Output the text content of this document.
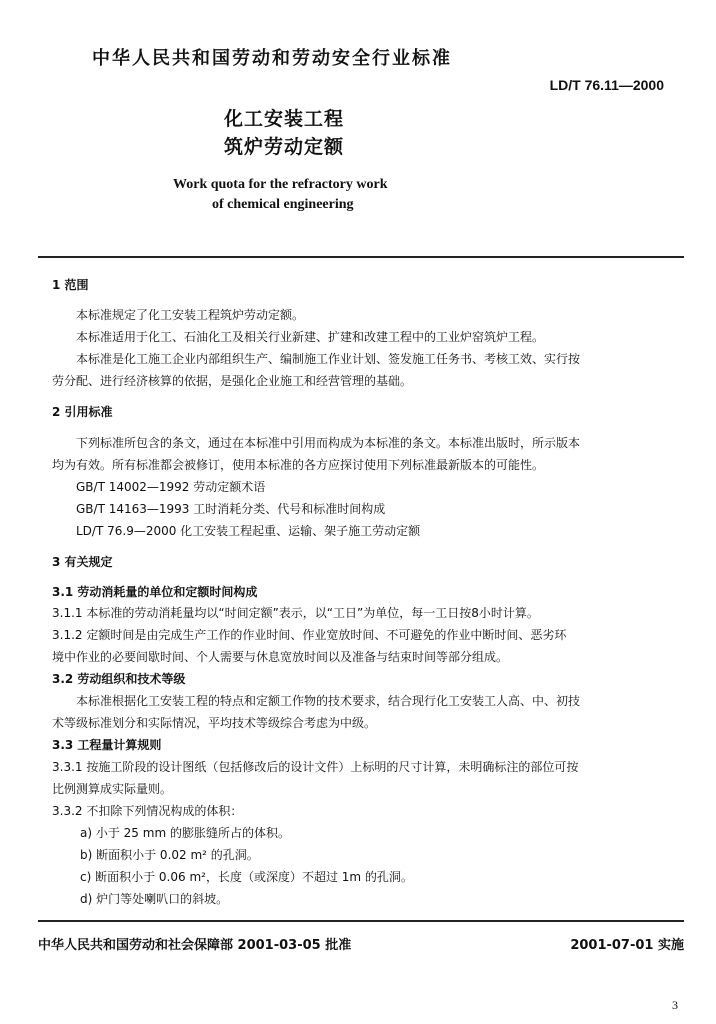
中华人民共和国劳动和劳动安全行业标准
LD/T 76.11—2000
化工安装工程
筑炉劳动定额
Work quota for the refractory work
of chemical engineering
1 范围
本标准规定了化工安装工程筑炉劳动定额。
本标准适用于化工、石油化工及相关行业新建、扩建和改建工程中的工业炉窑筑炉工程。
本标准是化工施工企业内部组织生产、编制施工作业计划、签发施工任务书、考核工效、实行按
劳分配、进行经济核算的依据，是强化企业施工和经营管理的基础。
2 引用标准
下列标准所包含的条文，通过在本标准中引用而构成为本标准的条文。本标准出版时，所示版本
均为有效。所有标准都会被修订，使用本标准的各方应探讨使用下列标准最新版本的可能性。
GB/T 14002—1992 劳动定额术语
GB/T 14163—1993 工时消耗分类、代号和标准时间构成
LD/T 76.9—2000 化工安装工程起重、运输、架子施工劳动定额
3 有关规定
3.1 劳动消耗量的单位和定额时间构成
3.1.1 本标准的劳动消耗量均以“时间定额”表示，以“工日”为单位，每一工日按8小时计算。
3.1.2 定额时间是由完成生产工作的作业时间、作业宽放时间、不可避免的作业中断时间、恶劣环
境中作业的必要间歇时间、个人需要与休息宽放时间以及准备与结束时间等部分组成。
3.2 劳动组织和技术等级
本标准根据化工安装工程的特点和定额工作物的技术要求，结合现行化工安装工人高、中、初技
术等级标准划分和实际情况，平均技术等级综合考虑为中级。
3.3 工程量计算规则
3.3.1 按施工阶段的设计图纸（包括修改后的设计文件）上标明的尺寸计算，未明确标注的部位可按
比例测算成实际量则。
3.3.2 不扣除下列情况构成的体积：
a) 小于 25 mm 的膨胀缝所占的体积。
b) 断面积小于 0.02 m² 的孔洞。
c) 断面积小于 0.06 m²，长度（或深度）不超过 1m 的孔洞。
d) 炉门等处喇叭口的斜坡。
中华人民共和国劳动和社会保障部 2001-03-05 批准	2001-07-01 实施
3
